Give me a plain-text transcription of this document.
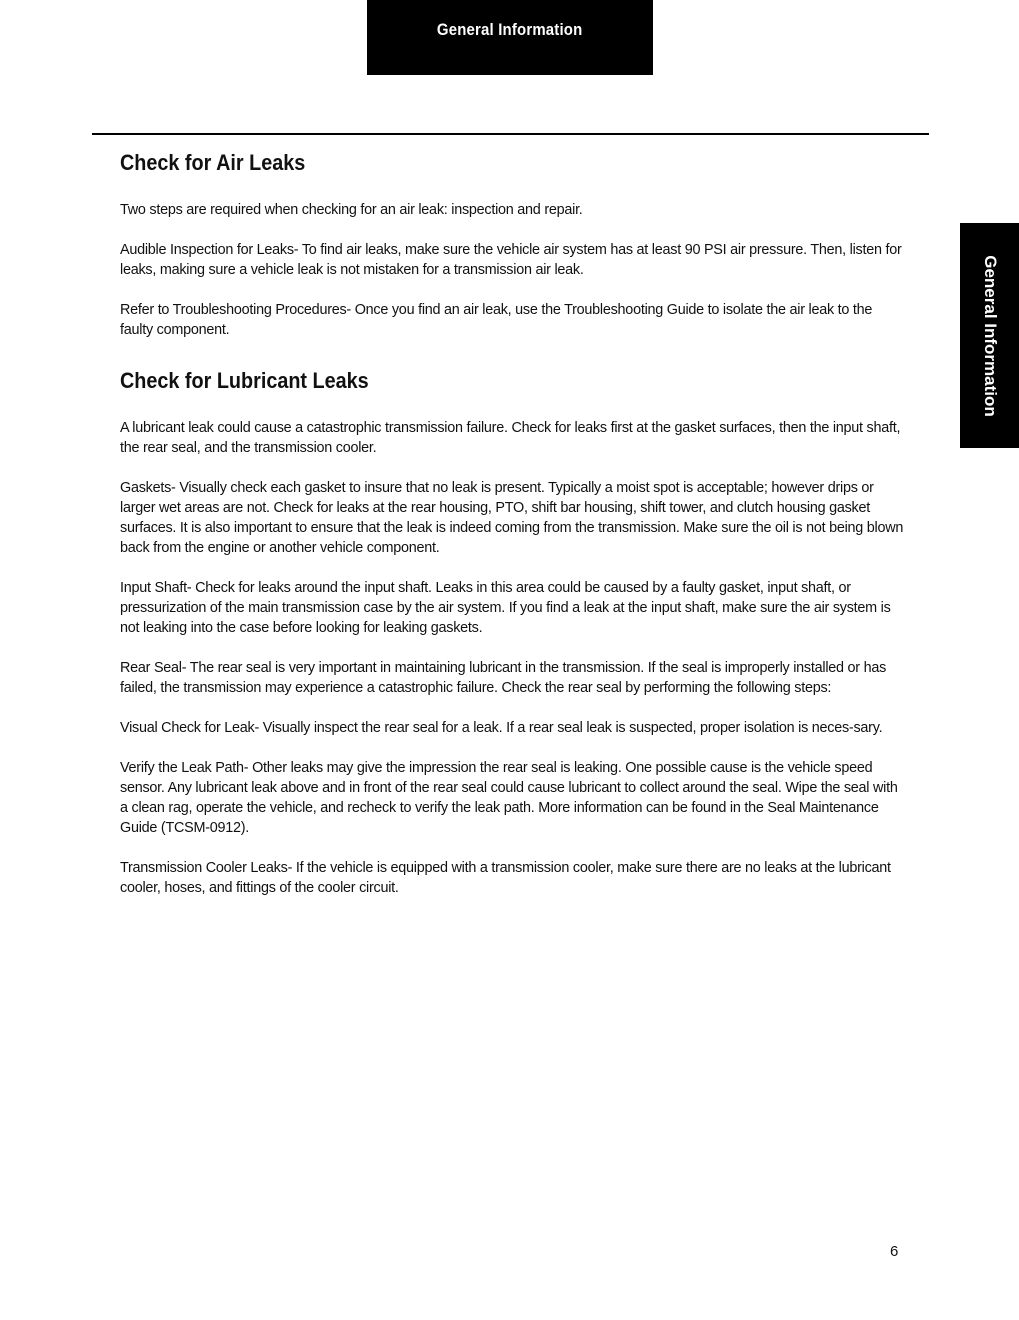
General Information
General Information
Check for Air Leaks

Two steps are required when checking for an air leak: inspection and repair.

Audible Inspection for Leaks- To find air leaks, make sure the vehicle air system has at least 90 PSI air pressure. Then, listen for leaks, making sure a vehicle leak is not mistaken for a transmission air leak.

Refer to Troubleshooting Procedures- Once you find an air leak, use the Troubleshooting Guide to isolate the air leak to the faulty component.

Check for Lubricant Leaks

A lubricant leak could cause a catastrophic transmission failure. Check for leaks first at the gasket surfaces, then the input shaft, the rear seal, and the transmission cooler.

Gaskets- Visually check each gasket to insure that no leak is present. Typically a moist spot is acceptable; however drips or larger wet areas are not. Check for leaks at the rear housing, PTO, shift bar housing, shift tower, and clutch housing gasket surfaces. It is also important to ensure that the leak is indeed coming from the transmission. Make sure the oil is not being blown back from the engine or another vehicle component.

Input Shaft- Check for leaks around the input shaft. Leaks in this area could be caused by a faulty gasket, input shaft, or pressurization of the main transmission case by the air system. If you find a leak at the input shaft, make sure the air system is not leaking into the case before looking for leaking gaskets.

Rear Seal- The rear seal is very important in maintaining lubricant in the transmission. If the seal is improperly installed or has failed, the transmission may experience a catastrophic failure. Check the rear seal by performing the following steps:

Visual Check for Leak- Visually inspect the rear seal for a leak. If a rear seal leak is suspected, proper isolation is neces-sary.

Verify the Leak Path- Other leaks may give the impression the rear seal is leaking. One possible cause is the vehicle speed sensor. Any lubricant leak above and in front of the rear seal could cause lubricant to collect around the seal. Wipe the seal with a clean rag, operate the vehicle, and recheck to verify the leak path. More information can be found in the Seal Maintenance Guide (TCSM-0912).

Transmission Cooler Leaks- If the vehicle is equipped with a transmission cooler, make sure there are no leaks at the lubricant cooler, hoses, and fittings of the cooler circuit.

6
